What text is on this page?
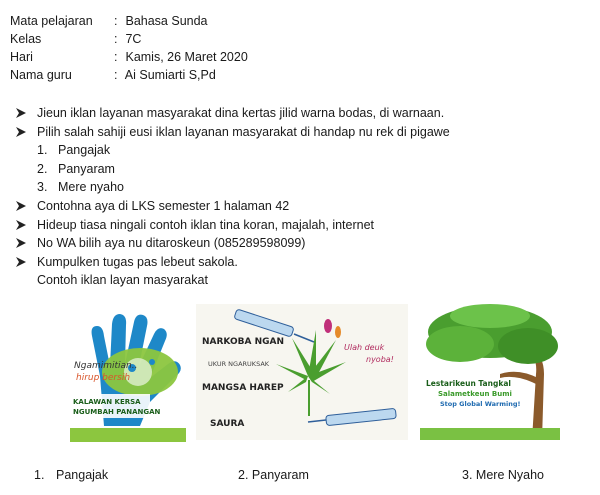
Mata pelajaran : Bahasa Sunda
Kelas	: 7C
Hari	: Kamis, 26 Maret 2020
Nama guru	: Ai Sumiarti S,Pd
Jieun iklan layanan masyarakat dina kertas jilid warna bodas, di warnaan.
Pilih salah sahiji eusi iklan layanan masyarakat di handap nu rek di pigawe
1. Pangajak
2. Panyaram
3. Mere nyaho
Contohna aya di LKS semester 1 halaman 42
Hideup tiasa ningali contoh iklan tina koran, majalah, internet
No WA bilih aya nu ditaroskeun (085289598099)
Kumpulken tugas pas lebeut sakola.
Contoh iklan layan masyarakat
Ngamimitian..
hirup bersih
KALAWAN KERSA
NGUMBAH PANANGAN
NARKOBA NGAN
UKUR NGARUKSAK
MANGSA HAREP
SAURA
Ulah deuk
nyoba!
Lestarikeun Tangkal
Salametkeun Bumi
Stop Global Warming!
1. Pangajak	2. Panyaram	3. Mere Nyaho
